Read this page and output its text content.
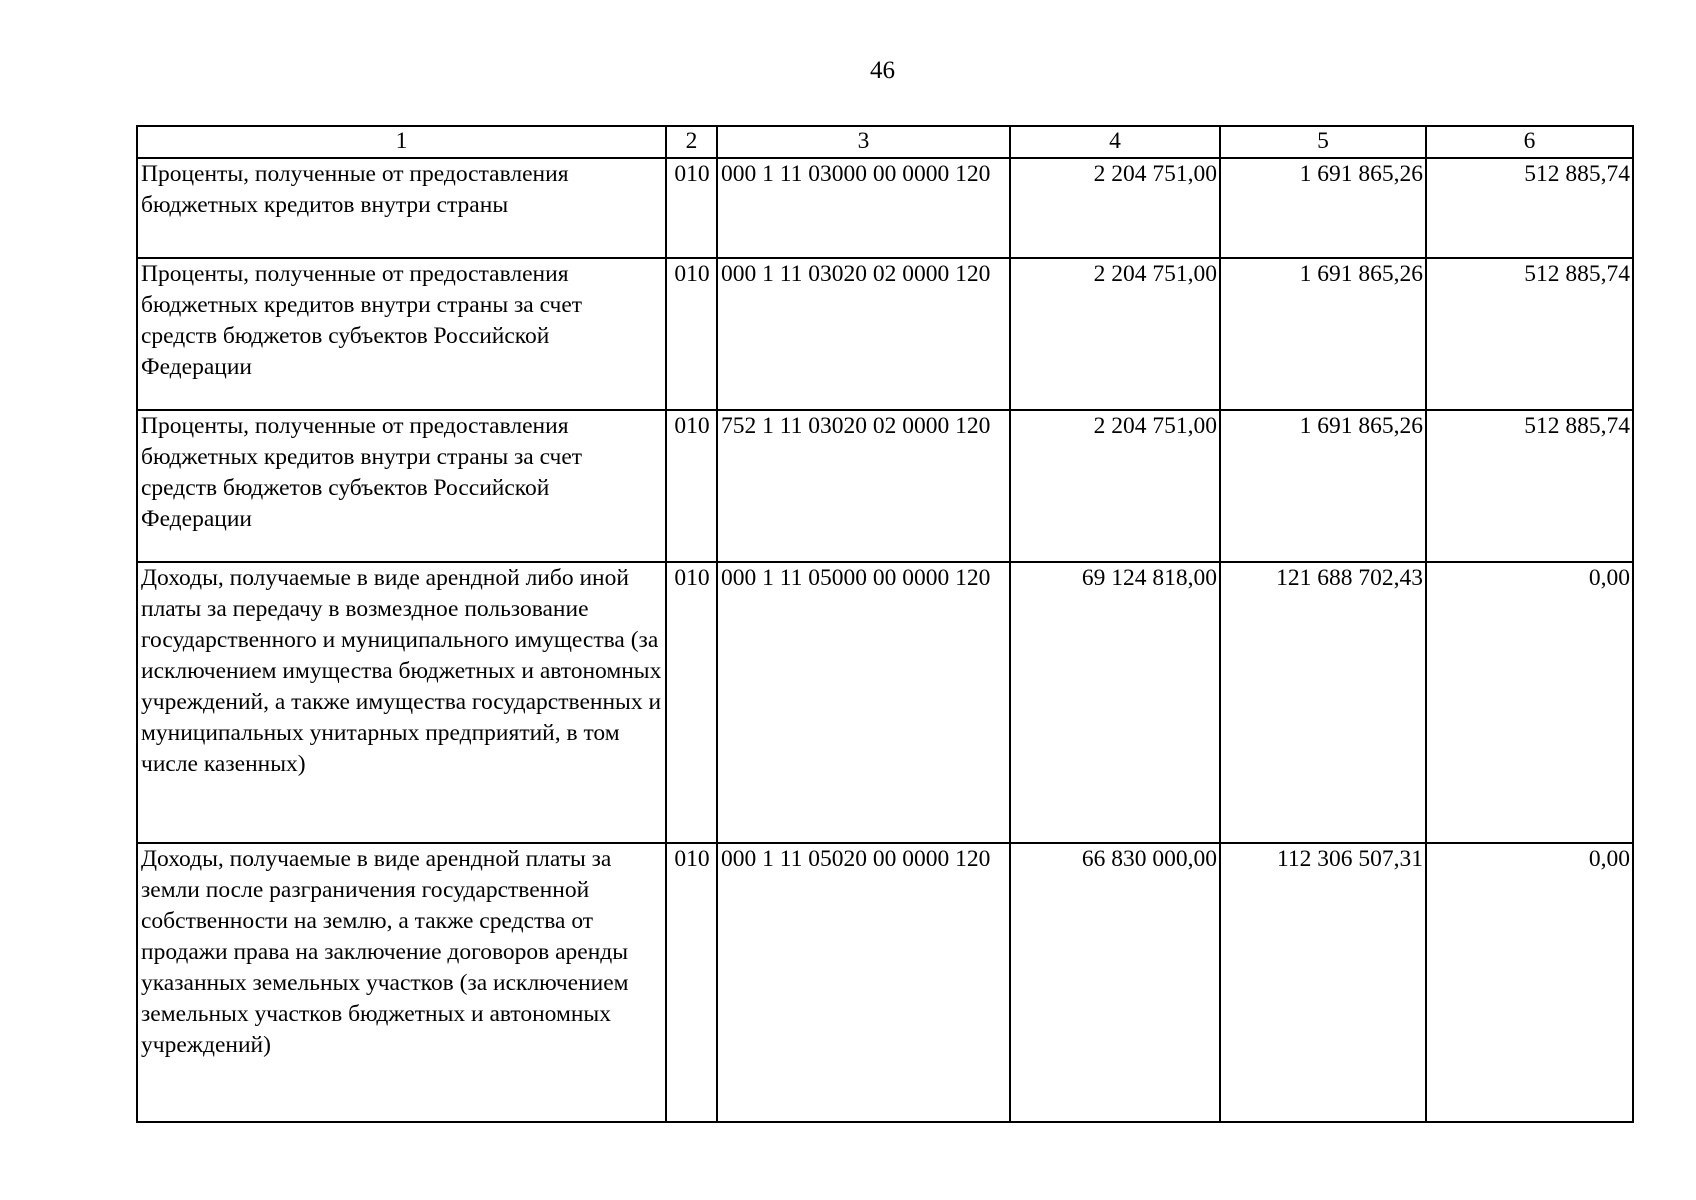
46
1	2	3	4	5	6
Проценты, полученные от предоставления бюджетных кредитов внутри страны	010	000 1 11 03000 00 0000 120	2 204 751,00	1 691 865,26	512 885,74
Проценты, полученные от предоставления бюджетных кредитов внутри страны за счет средств бюджетов субъектов Российской Федерации	010	000 1 11 03020 02 0000 120	2 204 751,00	1 691 865,26	512 885,74
Проценты, полученные от предоставления бюджетных кредитов внутри страны за счет средств бюджетов субъектов Российской Федерации	010	752 1 11 03020 02 0000 120	2 204 751,00	1 691 865,26	512 885,74
Доходы, получаемые в виде арендной либо иной платы за передачу в возмездное пользование государственного и муниципального имущества (за исключением имущества бюджетных и автономных учреждений, а также имущества государственных и муниципальных унитарных предприятий, в том числе казенных)	010	000 1 11 05000 00 0000 120	69 124 818,00	121 688 702,43	0,00
Доходы, получаемые в виде арендной платы за земли после разграничения государственной собственности на землю, а также средства от продажи права на заключение договоров аренды указанных земельных участков (за исключением земельных участков бюджетных и автономных учреждений)	010	000 1 11 05020 00 0000 120	66 830 000,00	112 306 507,31	0,00
